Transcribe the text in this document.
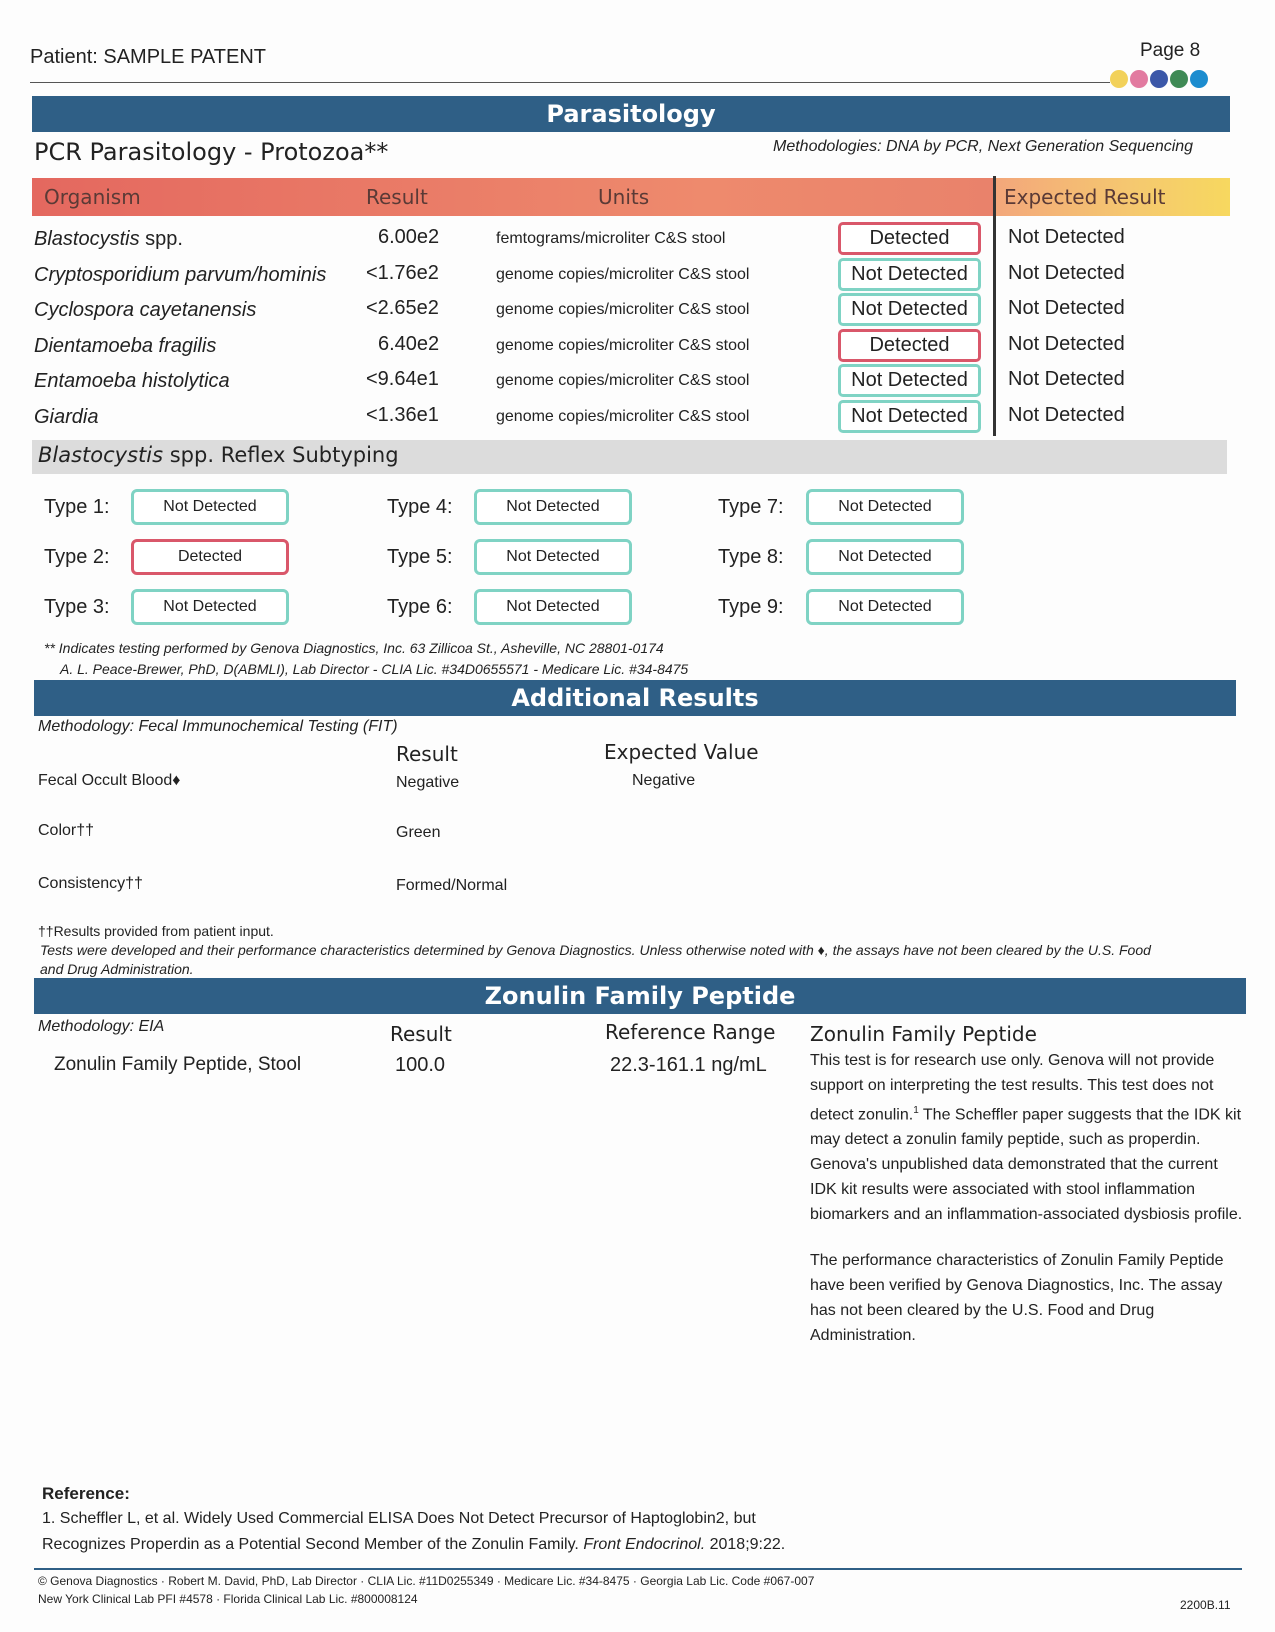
Patient: SAMPLE PATENT	Page 8
Parasitology
PCR Parasitology - Protozoa**	Methodologies: DNA by PCR, Next Generation Sequencing
Organism	Result	Units	Expected Result
Blastocystis spp.	6.00e2	femtograms/microliter C&S stool	Detected	Not Detected
Cryptosporidium parvum/hominis <1.76e2	genome copies/microliter C&S stool	Not Detected	Not Detected
Cyclospora cayetanensis	<2.65e2	genome copies/microliter C&S stool	Not Detected	Not Detected
Dientamoeba fragilis	6.40e2	genome copies/microliter C&S stool	Detected	Not Detected
Entamoeba histolytica	<9.64e1	genome copies/microliter C&S stool	Not Detected	Not Detected
Giardia	<1.36e1	genome copies/microliter C&S stool	Not Detected	Not Detected
Blastocystis spp. Reflex Subtyping
Type 1:	Not Detected
Type 2:	Detected
Type 3:	Not Detected
Type 4:	Not Detected
Type 5:	Not Detected
Type 6:	Not Detected
Type 7:	Not Detected
Type 8:	Not Detected
Type 9:	Not Detected
** Indicates testing performed by Genova Diagnostics, Inc. 63 Zillicoa St., Asheville, NC 28801-0174
A. L. Peace-Brewer, PhD, D(ABMLI), Lab Director - CLIA Lic. #34D0655571 - Medicare Lic. #34-8475
Additional Results
Methodology: Fecal Immunochemical Testing (FIT)
Result	Expected Value
Fecal Occult Blood♦	Negative	Negative
Color††	Green
Consistency††	Formed/Normal
††Results provided from patient input.
Tests were developed and their performance characteristics determined by Genova Diagnostics. Unless otherwise noted with ♦, the assays have not been cleared by the U.S. Food
and Drug Administration.
Zonulin Family Peptide
Methodology: EIA	Result	Reference Range
Zonulin Family Peptide, Stool	100.0	22.3-161.1 ng/mL
Zonulin Family Peptide
This test is for research use only. Genova will not provide support on interpreting the test results. This test does not detect zonulin.$^1$ The Scheffler paper suggests that the IDK kit may detect a zonulin family peptide, such as properdin. Genova's unpublished data demonstrated that the current IDK kit results were associated with stool inflammation biomarkers and an inflammation-associated dysbiosis profile.
The performance characteristics of Zonulin Family Peptide have been verified by Genova Diagnostics, Inc. The assay has not been cleared by the U.S. Food and Drug Administration.
Reference:
1. Scheffler L, et al. Widely Used Commercial ELISA Does Not Detect Precursor of Haptoglobin2, but
Recognizes Properdin as a Potential Second Member of the Zonulin Family. Front Endocrinol. 2018;9:22.
© Genova Diagnostics · Robert M. David, PhD, Lab Director · CLIA Lic. #11D0255349 · Medicare Lic. #34-8475 · Georgia Lab Lic. Code #067-007
New York Clinical Lab PFI #4578 · Florida Clinical Lab Lic. #800008124	2200B.11
